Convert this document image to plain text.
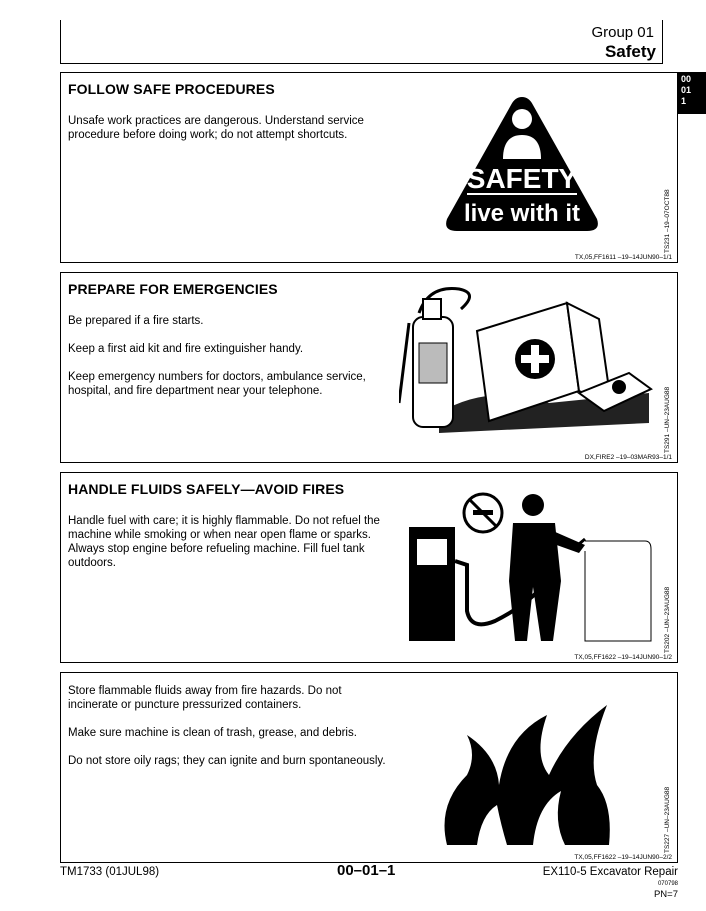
Group 01
Safety
00
01
1
FOLLOW SAFE PROCEDURES
Unsafe work practices are dangerous. Understand service procedure before doing work; do not attempt shortcuts.
SAFETY
live with it	TS231 –19–07OCT88
TX,05,FF1611 –19–14JUN90–1/1
PREPARE FOR EMERGENCIES
Be prepared if a fire starts.
Keep a first aid kit and fire extinguisher handy.
Keep emergency numbers for doctors, ambulance service, hospital, and fire department near your telephone.	TS291 –UN–23AUG88
DX,FIRE2 –19–03MAR93–1/1
HANDLE FLUIDS SAFELY—AVOID FIRES
Handle fuel with care; it is highly flammable. Do not refuel the machine while smoking or when near open flame or sparks. Always stop engine before refueling machine. Fill fuel tank outdoors.
TS202 –UN–23AUG88
TX,05,FF1622 –19–14JUN90–1/2
Store flammable fluids away from fire hazards. Do not incinerate or puncture pressurized containers.
Make sure machine is clean of trash, grease, and debris.
Do not store oily rags; they can ignite and burn spontaneously.
TS227 –UN–23AUG88
TX,05,FF1622 –19–14JUN90–2/2
TM1733 (01JUL98)	00–01–1	EX110-5 Excavator Repair
070798
PN=7
